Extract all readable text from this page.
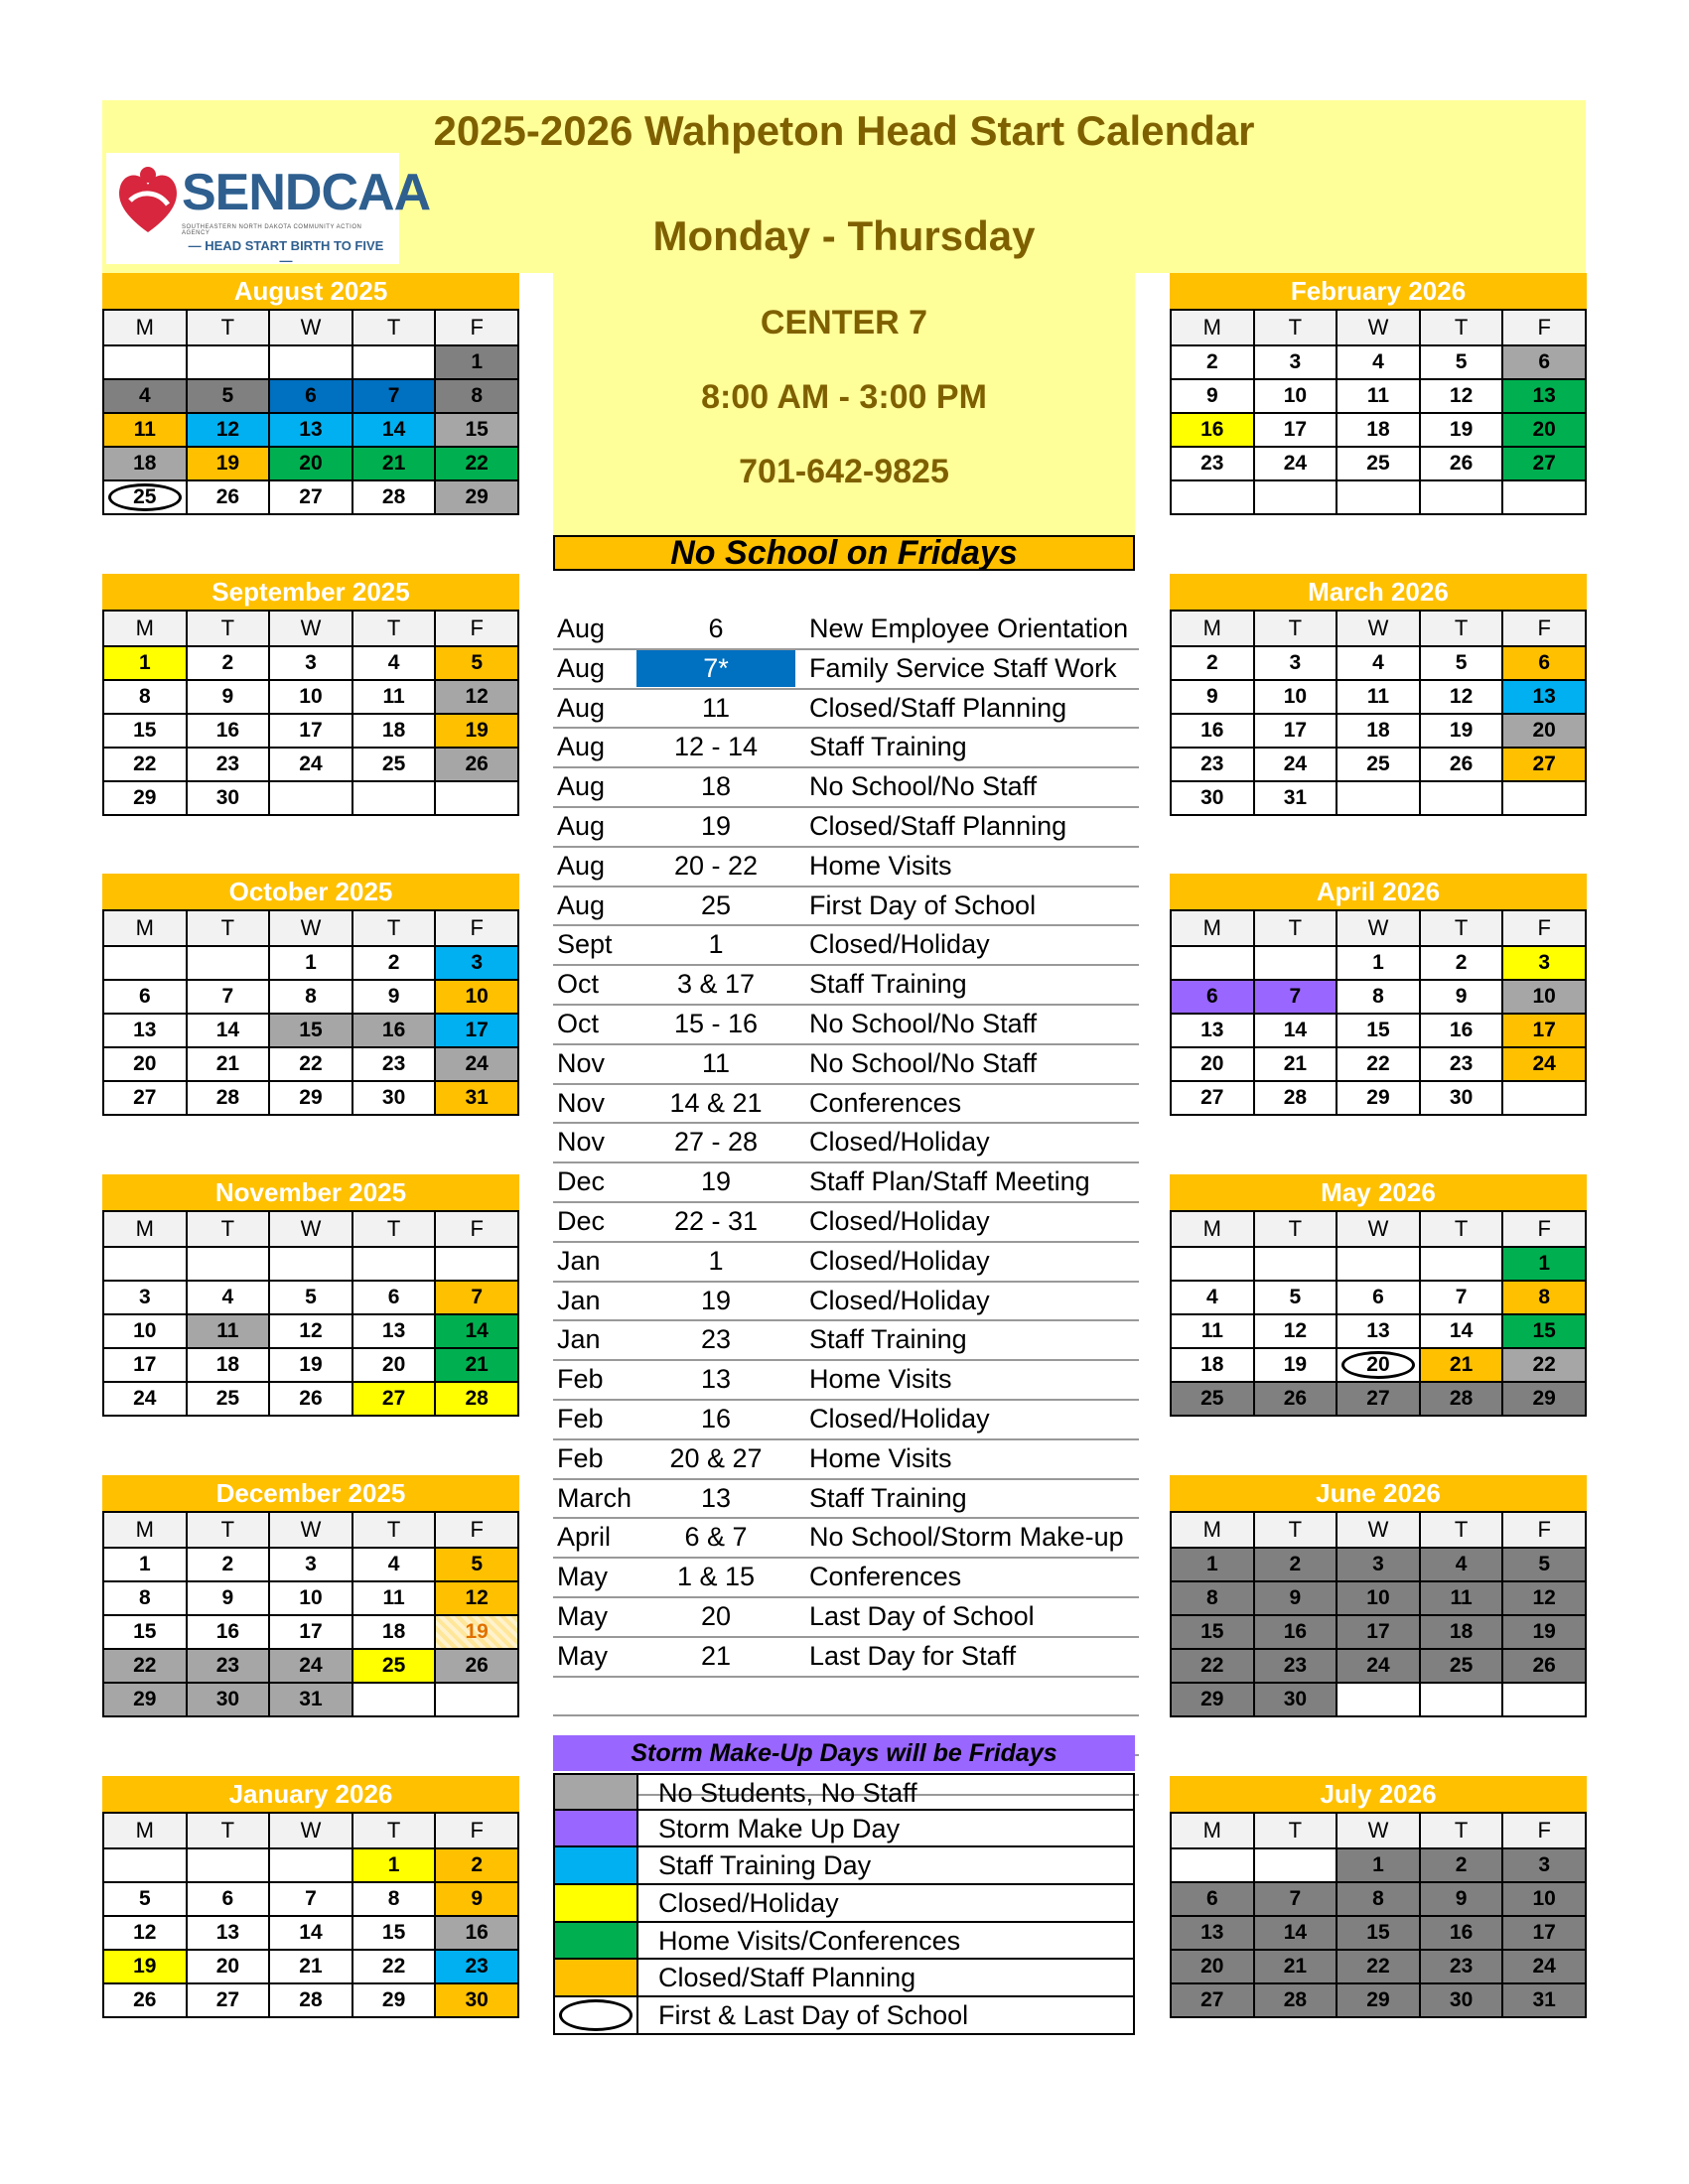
SENDCAA
SOUTHEASTERN NORTH DAKOTA COMMUNITY ACTION AGENCY
— HEAD START BIRTH TO FIVE —
2025-2026 Wahpeton Head Start Calendar
Monday - Thursday
CENTER 7
8:00 AM - 3:00 PM
701-642-9825
No School on Fridays
August 2025
M	T	W	T	F
				1
4	5	6	7	8
11	12	13	14	15
18	19	20	21	22
25	26	27	28	29
September 2025
M	T	W	T	F
1	2	3	4	5
8	9	10	11	12
15	16	17	18	19
22	23	24	25	26
29	30			
October 2025
M	T	W	T	F
		1	2	3
6	7	8	9	10
13	14	15	16	17
20	21	22	23	24
27	28	29	30	31
November 2025
M	T	W	T	F

3	4	5	6	7
10	11	12	13	14
17	18	19	20	21
24	25	26	27	28
December 2025
M	T	W	T	F
1	2	3	4	5
8	9	10	11	12
15	16	17	18	19
22	23	24	25	26
29	30	31		
January 2026
M	T	W	T	F
			1	2
5	6	7	8	9
12	13	14	15	16
19	20	21	22	23
26	27	28	29	30
February 2026
M	T	W	T	F
2	3	4	5	6
9	10	11	12	13
16	17	18	19	20
23	24	25	26	27

March 2026
M	T	W	T	F
2	3	4	5	6
9	10	11	12	13
16	17	18	19	20
23	24	25	26	27
30	31			
April 2026
M	T	W	T	F
		1	2	3
6	7	8	9	10
13	14	15	16	17
20	21	22	23	24
27	28	29	30	
May 2026
M	T	W	T	F
				1
4	5	6	7	8
11	12	13	14	15
18	19	20	21	22
25	26	27	28	29
June 2026
M	T	W	T	F
1	2	3	4	5
8	9	10	11	12
15	16	17	18	19
22	23	24	25	26
29	30			
July 2026
M	T	W	T	F
		1	2	3
6	7	8	9	10
13	14	15	16	17
20	21	22	23	24
27	28	29	30	31
Aug	6	New Employee Orientation
Aug	7*	Family Service Staff Work
Aug	11	Closed/Staff Planning
Aug	12 - 14	Staff Training
Aug	18	No School/No Staff
Aug	19	Closed/Staff Planning
Aug	20 - 22	Home Visits
Aug	25	First Day of School
Sept	1	Closed/Holiday
Oct	3 & 17	Staff Training
Oct	15 - 16	No School/No Staff
Nov	11	No School/No Staff
Nov	14 & 21	Conferences
Nov	27 - 28	Closed/Holiday
Dec	19	Staff Plan/Staff Meeting
Dec	22 - 31	Closed/Holiday
Jan	1	Closed/Holiday
Jan	19	Closed/Holiday
Jan	23	Staff Training
Feb	13	Home Visits
Feb	16	Closed/Holiday
Feb	20 & 27	Home Visits
March	13	Staff Training
April	6 & 7	No School/Storm Make-up
May	1 & 15	Conferences
May	20	Last Day of School
May	21	Last Day for Staff
Storm Make-Up Days will be Fridays
No Students, No Staff
Storm Make Up Day
Staff Training Day
Closed/Holiday
Home Visits/Conferences
Closed/Staff Planning
First & Last Day of School
